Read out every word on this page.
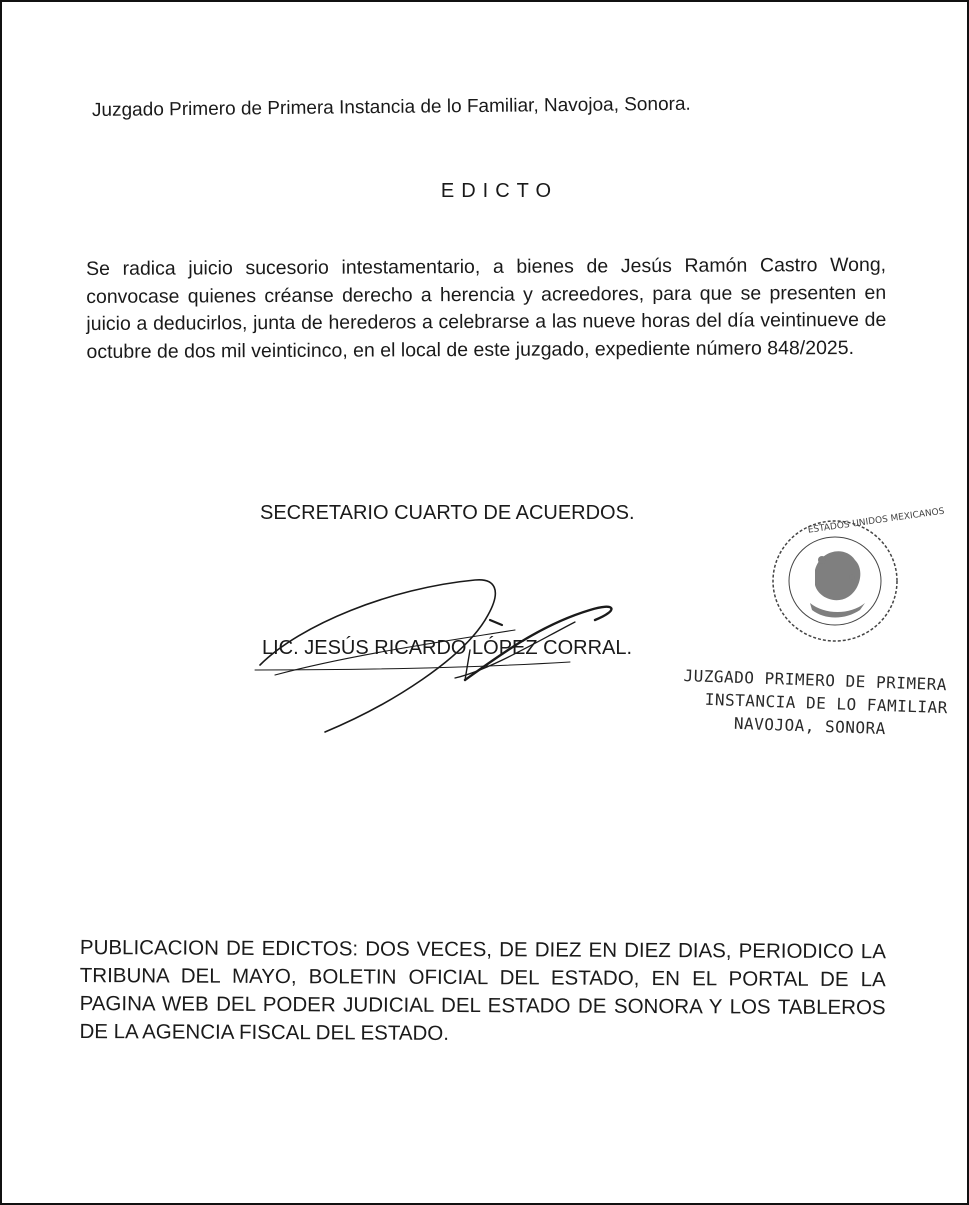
Juzgado Primero de Primera Instancia de lo Familiar, Navojoa, Sonora.
EDICTO

Se radica juicio sucesorio intestamentario, a bienes de Jesús Ramón Castro Wong, convocase quienes créanse derecho a herencia y acreedores, para que se presenten en juicio a deducirlos, junta de herederos a celebrarse a las nueve horas del día veintinueve de octubre de dos mil veinticinco, en el local de este juzgado, expediente número 848/2025.

SECRETARIO CUARTO DE ACUERDOS.
LIC. JESÚS RICARDO LÓPEZ CORRAL.
ESTADOS UNIDOS MEXICANOS
JUZGADO PRIMERO DE PRIMERA
INSTANCIA DE LO FAMILIAR
NAVOJOA, SONORA

PUBLICACION DE EDICTOS: DOS VECES, DE DIEZ EN DIEZ DIAS, PERIODICO LA TRIBUNA DEL MAYO, BOLETIN OFICIAL DEL ESTADO, EN EL PORTAL DE LA PAGINA WEB DEL PODER JUDICIAL DEL ESTADO DE SONORA Y LOS TABLEROS DE LA AGENCIA FISCAL DEL ESTADO.
